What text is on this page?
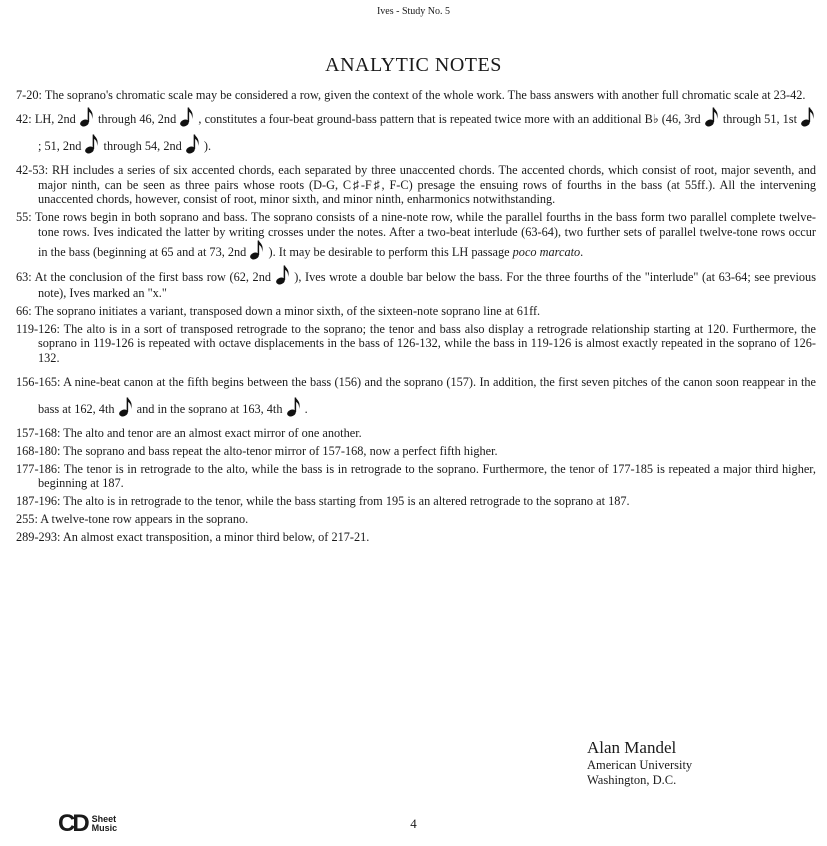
Ives - Study No. 5
ANALYTIC NOTES

7-20: The soprano's chromatic scale may be considered a row, given the context of the whole work. The bass answers with another full chromatic scale at 23-42.

42: LH, 2nd through 46, 2nd , constitutes a four-beat ground-bass pattern that is repeated twice more with an additional B♭ (46, 3rd through 51, 1st
; 51, 2nd through 54, 2nd ).

42-53: RH includes a series of six accented chords, each separated by three unaccented chords. The accented chords, which consist of root, major seventh, and major ninth, can be seen as three pairs whose roots (D-G, C♯-F♯, F-C) presage the ensuing rows of fourths in the bass (at 55ff.). All the intervening unaccented chords, however, consist of root, minor sixth, and minor ninth, enharmonics notwithstanding.

55: Tone rows begin in both soprano and bass. The soprano consists of a nine-note row, while the parallel fourths in the bass form two parallel complete twelve-tone rows. Ives indicated the latter by writing crosses under the notes. After a two-beat interlude (63-64), two further sets of parallel twelve-tone rows occur in the bass (beginning at 65 and at 73, 2nd ). It may be desirable to perform this LH passage poco marcato.

63: At the conclusion of the first bass row (62, 2nd ), Ives wrote a double bar below the bass. For the three fourths of the "interlude" (at 63-64; see previous note), Ives marked an "x."

66: The soprano initiates a variant, transposed down a minor sixth, of the sixteen-note soprano line at 61ff.

119-126: The alto is in a sort of transposed retrograde to the soprano; the tenor and bass also display a retrograde relationship starting at 120. Furthermore, the soprano in 119-126 is repeated with octave displacements in the bass of 126-132, while the bass in 119-126 is almost exactly repeated in the soprano of 126-132.

156-165: A nine-beat canon at the fifth begins between the bass (156) and the soprano (157). In addition, the first seven pitches of the canon soon reappear in the bass at 162, 4th and in the soprano at 163, 4th .

157-168: The alto and tenor are an almost exact mirror of one another.

168-180: The soprano and bass repeat the alto-tenor mirror of 157-168, now a perfect fifth higher.

177-186: The tenor is in retrograde to the alto, while the bass is in retrograde to the soprano. Furthermore, the tenor of 177-185 is repeated a major third higher, beginning at 187.

187-196: The alto is in retrograde to the tenor, while the bass starting from 195 is an altered retrograde to the soprano at 187.

255: A twelve-tone row appears in the soprano.

289-293: An almost exact transposition, a minor third below, of 217-21.

Alan Mandel
American University
Washington, D.C.
CD Sheet
Music	4
